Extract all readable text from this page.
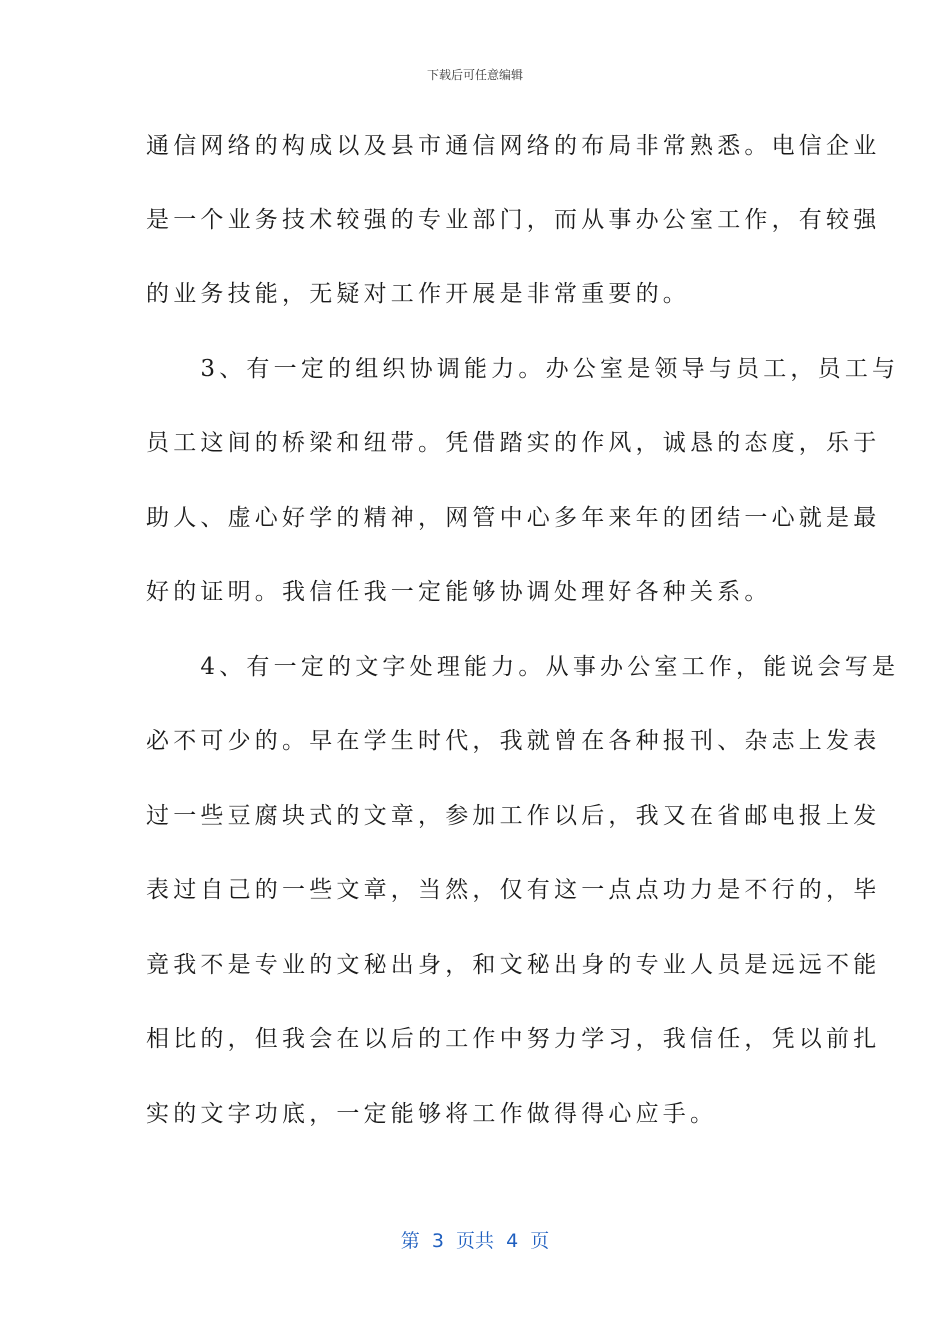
下载后可任意编辑
通信网络的构成以及县市通信网络的布局非常熟悉。电信企业
是一个业务技术较强的专业部门，而从事办公室工作，有较强
的业务技能，无疑对工作开展是非常重要的。
　　3、有一定的组织协调能力。办公室是领导与员工，员工与
员工这间的桥梁和纽带。凭借踏实的作风，诚恳的态度，乐于
助人、虚心好学的精神，网管中心多年来年的团结一心就是最
好的证明。我信任我一定能够协调处理好各种关系。
　　4、有一定的文字处理能力。从事办公室工作，能说会写是
必不可少的。早在学生时代，我就曾在各种报刊、杂志上发表
过一些豆腐块式的文章，参加工作以后，我又在省邮电报上发
表过自己的一些文章，当然，仅有这一点点功力是不行的，毕
竟我不是专业的文秘出身，和文秘出身的专业人员是远远不能
相比的，但我会在以后的工作中努力学习，我信任，凭以前扎
实的文字功底，一定能够将工作做得得心应手。
第  3  页共  4  页
